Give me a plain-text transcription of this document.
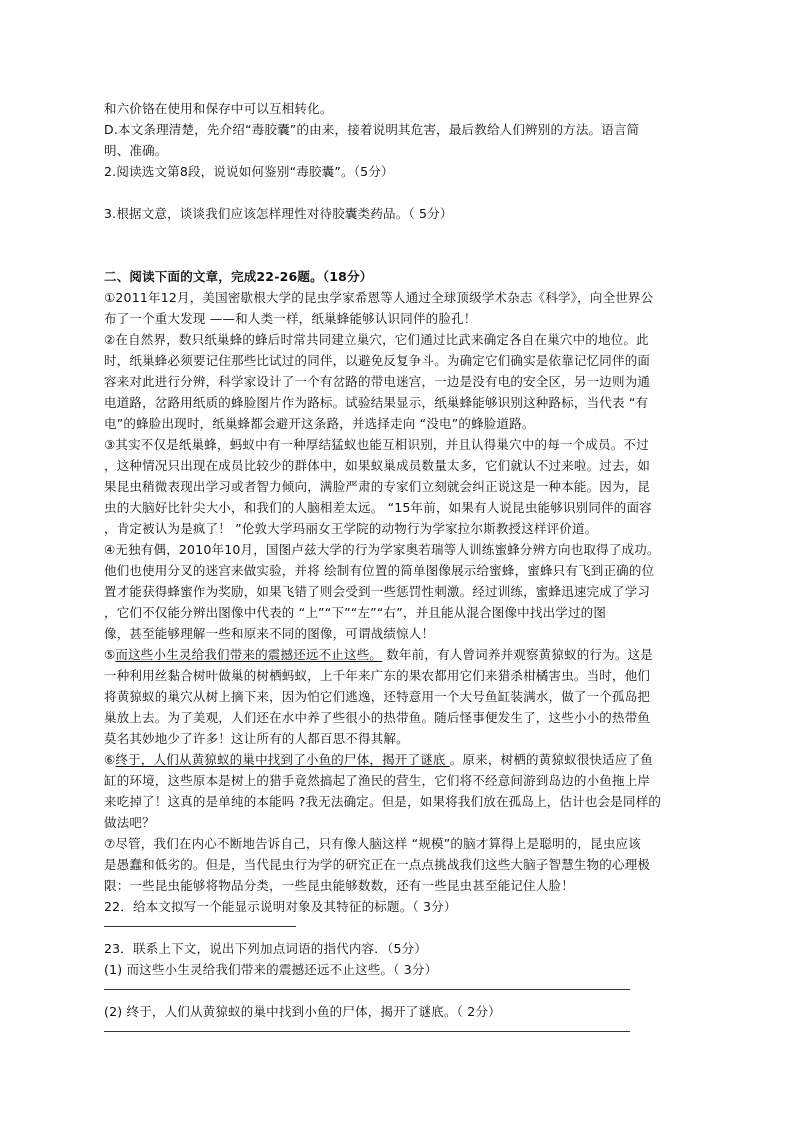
和六价铬在使用和保存中可以互相转化。
D.本文条理清楚，先介绍“毒胶囊”的由来，接着说明其危害，最后教给人们辨别的方法。语言简
明、准确。
2.阅读选文第8段，说说如何鉴别“毒胶囊”。（5分）
3.根据文意，谈谈我们应该怎样理性对待胶囊类药品。（ 5分）
二、阅读下面的文章，完成22-26题。（18分）
①2011年12月，美国密歇根大学的昆虫学家希恩等人通过全球顶级学术杂志《科学》，向全世界公
布了一个重大发现 ——和人类一样，纸巢蜂能够认识同伴的脸孔！
②在自然界，数只纸巢蜂的蜂后时常共同建立巢穴，它们通过比武来确定各自在巢穴中的地位。此
时，纸巢蜂必须要记住那些比试过的同伴，以避免反复争斗。为确定它们确实是依靠记忆同伴的面
容来对此进行分辨，科学家设计了一个有岔路的带电迷宫，一边是没有电的安全区，另一边则为通
电道路，岔路用纸质的蜂脸图片作为路标。试验结果显示，纸巢蜂能够识别这种路标，当代表 “有
电”的蜂脸出现时，纸巢蜂都会避开这条路，并选择走向 “没电”的蜂脸道路。
③其实不仅是纸巢蜂，蚂蚁中有一种厚结猛蚁也能互相识别，并且认得巢穴中的每一个成员。不过
，这种情况只出现在成员比较少的群体中，如果蚁巢成员数量太多，它们就认不过来啦。过去，如
果昆虫稍微表现出学习或者智力倾向，满脸严肃的专家们立刻就会纠正说这是一种本能。因为，昆
虫的大脑好比针尖大小，和我们的人脑相差太远。 “15年前，如果有人说昆虫能够识别同伴的面容
，肯定被认为是疯了！ ”伦敦大学玛丽女王学院的动物行为学家拉尔斯教授这样评价道。
④无独有偶，2010年10月，国图卢兹大学的行为学家奥若瑞等人训练蜜蜂分辨方向也取得了成功。
他们也使用分叉的迷宫来做实验，并将 绘制有位置的简单图像展示给蜜蜂，蜜蜂只有飞到正确的位
置才能获得蜂蜜作为奖励，如果飞错了则会受到一些惩罚性刺激。经过训练，蜜蜂迅速完成了学习
，它们不仅能分辨出图像中代表的 “上”“下”“左”“右”，并且能从混合图像中找出学过的图
像，甚至能够理解一些和原来不同的图像，可谓战绩惊人！
⑤而这些小生灵给我们带来的震撼还远不止这些。 数年前，有人曾词养并观察黄猄蚁的行为。这是
一种利用丝黏合树叶做巢的树栖蚂蚁，上千年来广东的果农都用它们来猎杀柑橘害虫。当时，他们
将黄猄蚁的巢穴从树上摘下来，因为怕它们逃逸，还特意用一个大号鱼缸装满水，做了一个孤岛把
巢放上去。为了美观，人们还在水中养了些很小的热带鱼。随后怪事便发生了，这些小小的热带鱼
莫名其妙地少了许多！这让所有的人都百思不得其解。
⑥终于，人们从黄猄蚁的巢中找到了小鱼的尸体，揭开了谜底 。原来，树栖的黄猄蚁很快适应了鱼
缸的环境，这些原本是树上的猎手竟然搞起了渔民的营生，它们将不经意间游到岛边的小鱼拖上岸
来吃掉了！这真的是单纯的本能吗 ?我无法确定。但是，如果将我们放在孤岛上，估计也会是同样的
做法吧？
⑦尽管，我们在内心不断地告诉自己，只有像人脑这样 “规模”的脑才算得上是聪明的，昆虫应该
是愚蠢和低劣的。但是，当代昆虫行为学的研究正在一点点挑战我们这些大脑子智慧生物的心理极
限：一些昆虫能够将物品分类，一些昆虫能够数数，还有一些昆虫甚至能记住人脸！
22．给本文拟写一个能显示说明对象及其特征的标题。（ 3分）
23．联系上下文，说出下列加点词语的指代内容．（5分）
(1) 而这些小生灵给我们带来的震撼还远不止这些。（ 3分）
(2) 终于，人们从黄猄蚁的巢中找到小鱼的尸体，揭开了谜底。（ 2分）
